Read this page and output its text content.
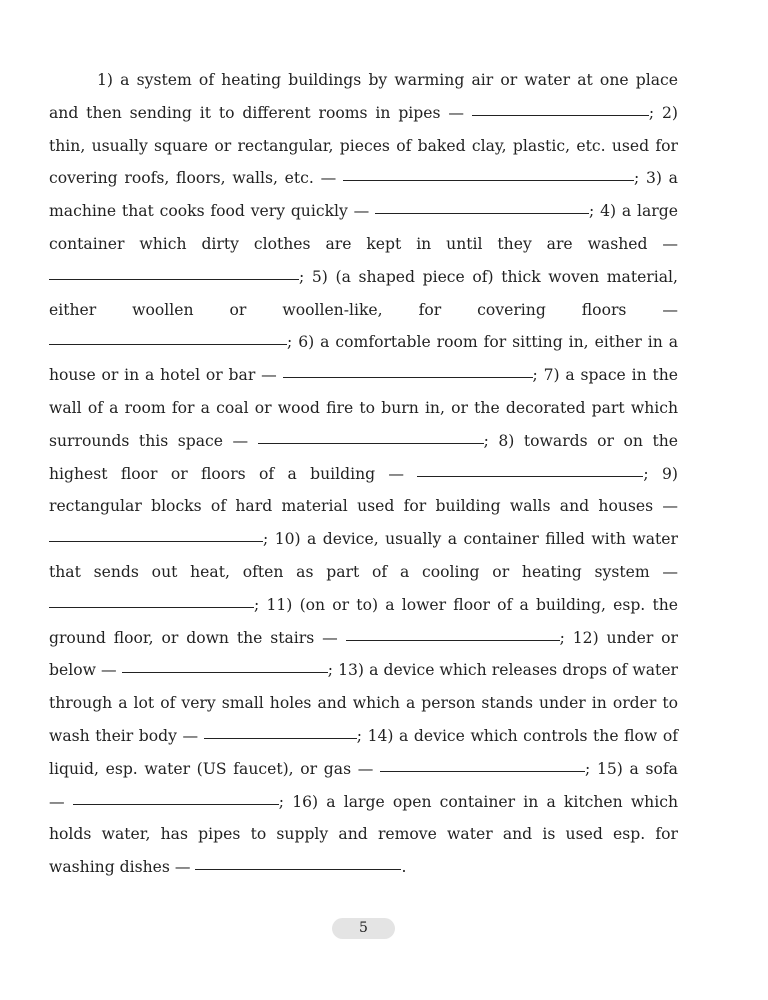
1) a system of heating buildings by warming air or water at one place and then sending it to different rooms in pipes —	; 2) thin, usually square or rectangular, pieces of baked clay, plastic, etc. used for covering roofs, floors, walls, etc. —	; 3) a machine that cooks food very quickly —	; 4) a large container which dirty clothes are kept in until they are washed — ; 5) (a shaped piece of) thick woven material, either woollen or woollen-like, for covering floors — ; 6) a comfortable room for sitting in, either in a house or in a hotel or bar —	; 7) a space in the wall of a room for a coal or wood fire to burn in, or the decorated part which surrounds this space —	; 8) towards or on the highest floor or floors of a building —	; 9) rectangular blocks of hard material used for building walls and houses — ; 10) a device, usually a container filled with water that sends out heat, often as part of a cooling or heating system — ; 11) (on or to) a lower floor of a building, esp. the ground floor, or down the stairs —	; 12) under or below —	; 13) a device which releases drops of water through a lot of very small holes and which a person stands under in order to wash their body —	; 14) a device which controls the flow of liquid, esp. water (US faucet), or gas —	; 15) a sofa —	; 16) a large open container in a kitchen which holds water, has pipes to supply and remove water and is used esp. for washing dishes —	.

5
